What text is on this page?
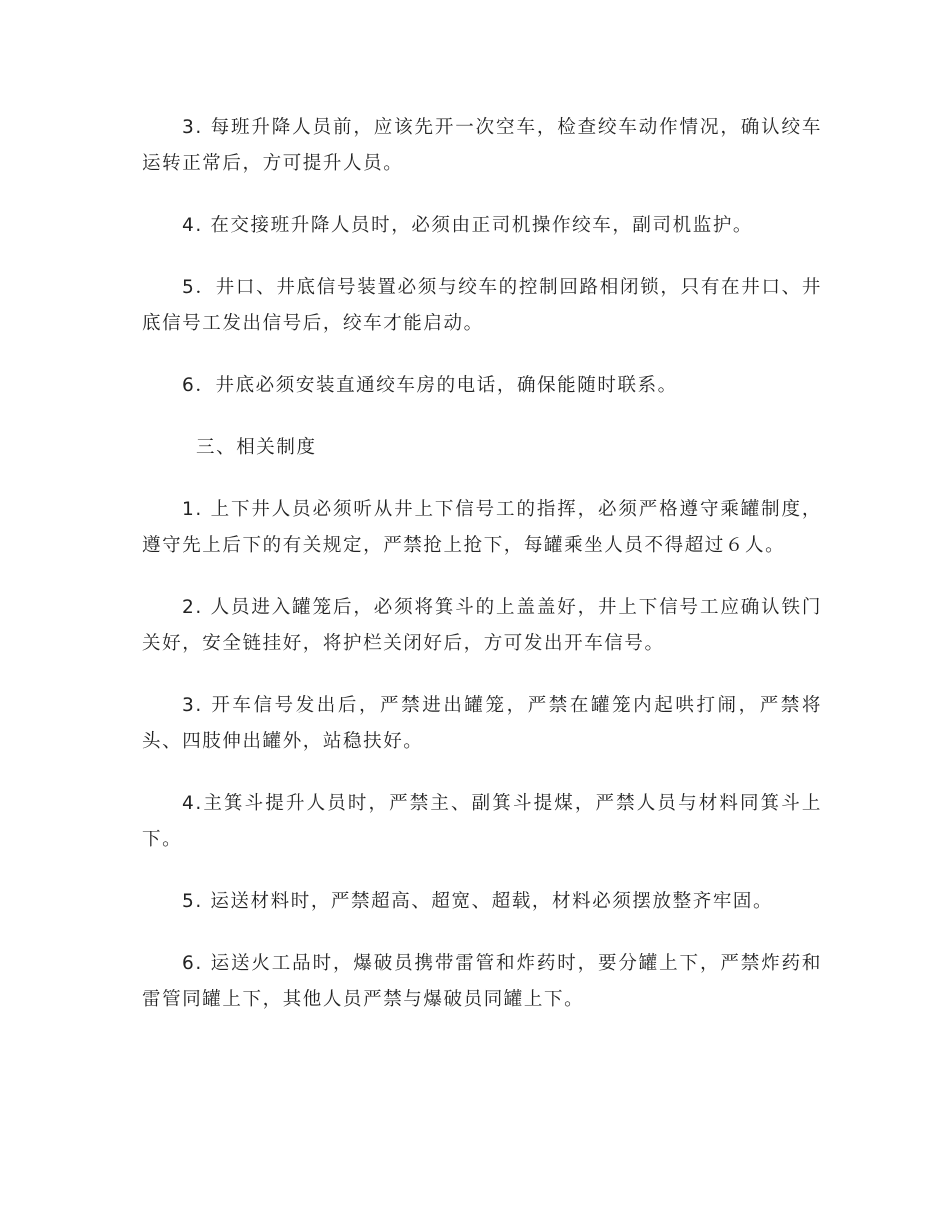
3. 每班升降人员前，应该先开一次空车，检查绞车动作情况，确认绞车运转正常后，方可提升人员。

4. 在交接班升降人员时，必须由正司机操作绞车，副司机监护。

5．井口、井底信号装置必须与绞车的控制回路相闭锁，只有在井口、井底信号工发出信号后，绞车才能启动。

6．井底必须安装直通绞车房的电话，确保能随时联系。

三、相关制度

1. 上下井人员必须听从井上下信号工的指挥，必须严格遵守乘罐制度，遵守先上后下的有关规定，严禁抢上抢下，每罐乘坐人员不得超过６人。

2. 人员进入罐笼后，必须将箕斗的上盖盖好，井上下信号工应确认铁门关好，安全链挂好，将护栏关闭好后，方可发出开车信号。

3. 开车信号发出后，严禁进出罐笼，严禁在罐笼内起哄打闹，严禁将头、四肢伸出罐外，站稳扶好。

4.主箕斗提升人员时，严禁主、副箕斗提煤，严禁人员与材料同箕斗上下。

5. 运送材料时，严禁超高、超宽、超载，材料必须摆放整齐牢固。

6. 运送火工品时，爆破员携带雷管和炸药时，要分罐上下，严禁炸药和雷管同罐上下，其他人员严禁与爆破员同罐上下。
